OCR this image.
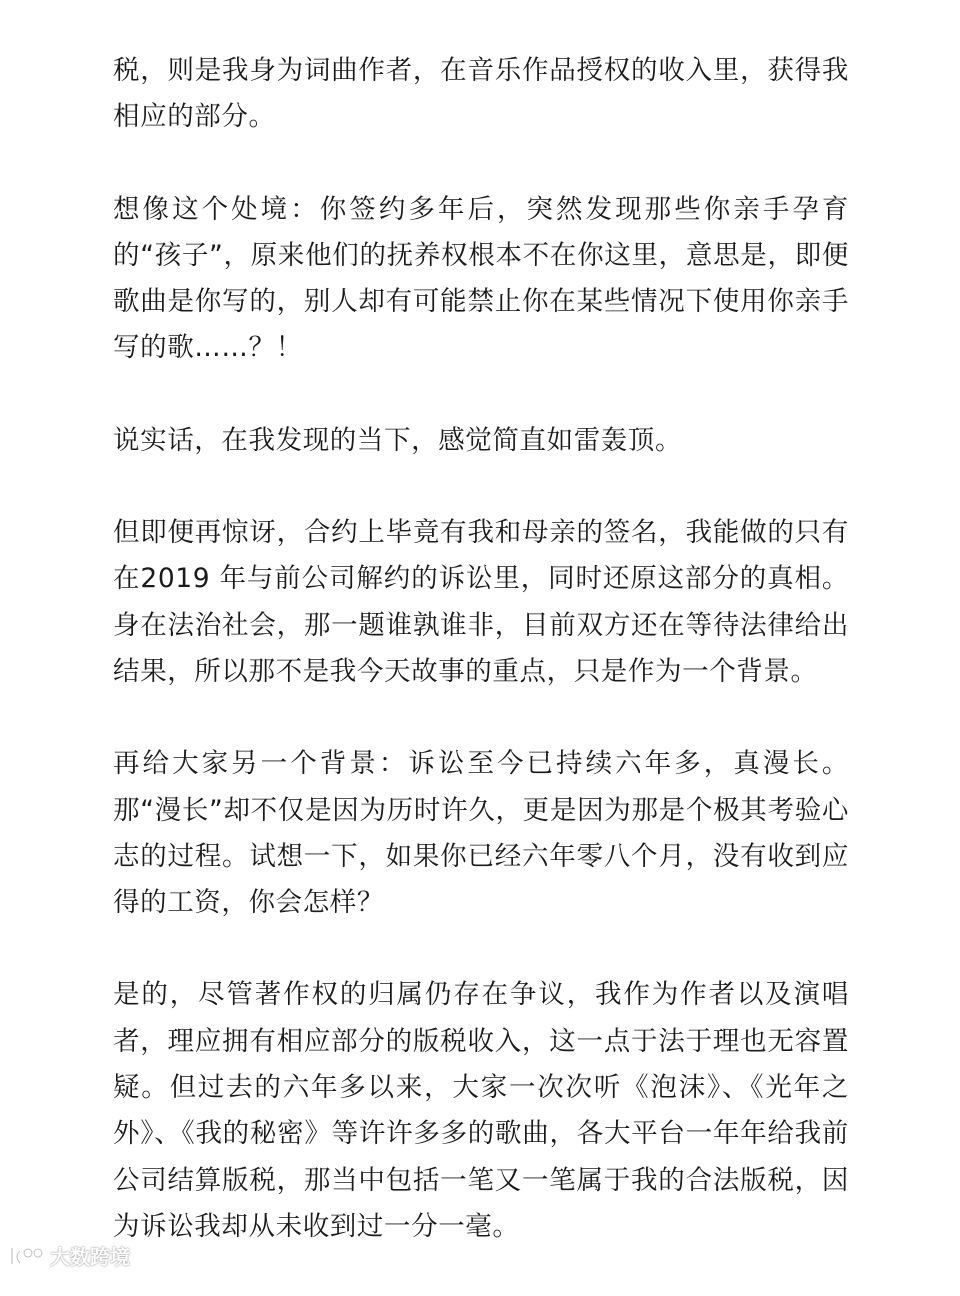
税，则是我身为词曲作者，在音乐作品授权的收入里，获得我相应的部分。

想像这个处境：你签约多年后，突然发现那些你亲手孕育的“孩子”，原来他们的抚养权根本不在你这里，意思是，即便歌曲是你写的，别人却有可能禁止你在某些情况下使用你亲手写的歌……？！

说实话，在我发现的当下，感觉简直如雷轰顶。

但即便再惊讶，合约上毕竟有我和母亲的签名，我能做的只有在2019 年与前公司解约的诉讼里，同时还原这部分的真相。身在法治社会，那一题谁孰谁非，目前双方还在等待法律给出结果，所以那不是我今天故事的重点，只是作为一个背景。

再给大家另一个背景：诉讼至今已持续六年多，真漫长。那“漫长”却不仅是因为历时许久，更是因为那是个极其考验心志的过程。试想一下，如果你已经六年零八个月，没有收到应得的工资，你会怎样？

是的，尽管著作权的归属仍存在争议，我作为作者以及演唱者，理应拥有相应部分的版税收入，这一点于法于理也无容置疑。但过去的六年多以来，大家一次次听《泡沫》、《光年之外》、《我的秘密》等许许多多的歌曲，各大平台一年年给我前公司结算版税，那当中包括一笔又一笔属于我的合法版税，因为诉讼我却从未收到过一分一毫。

大数跨境
